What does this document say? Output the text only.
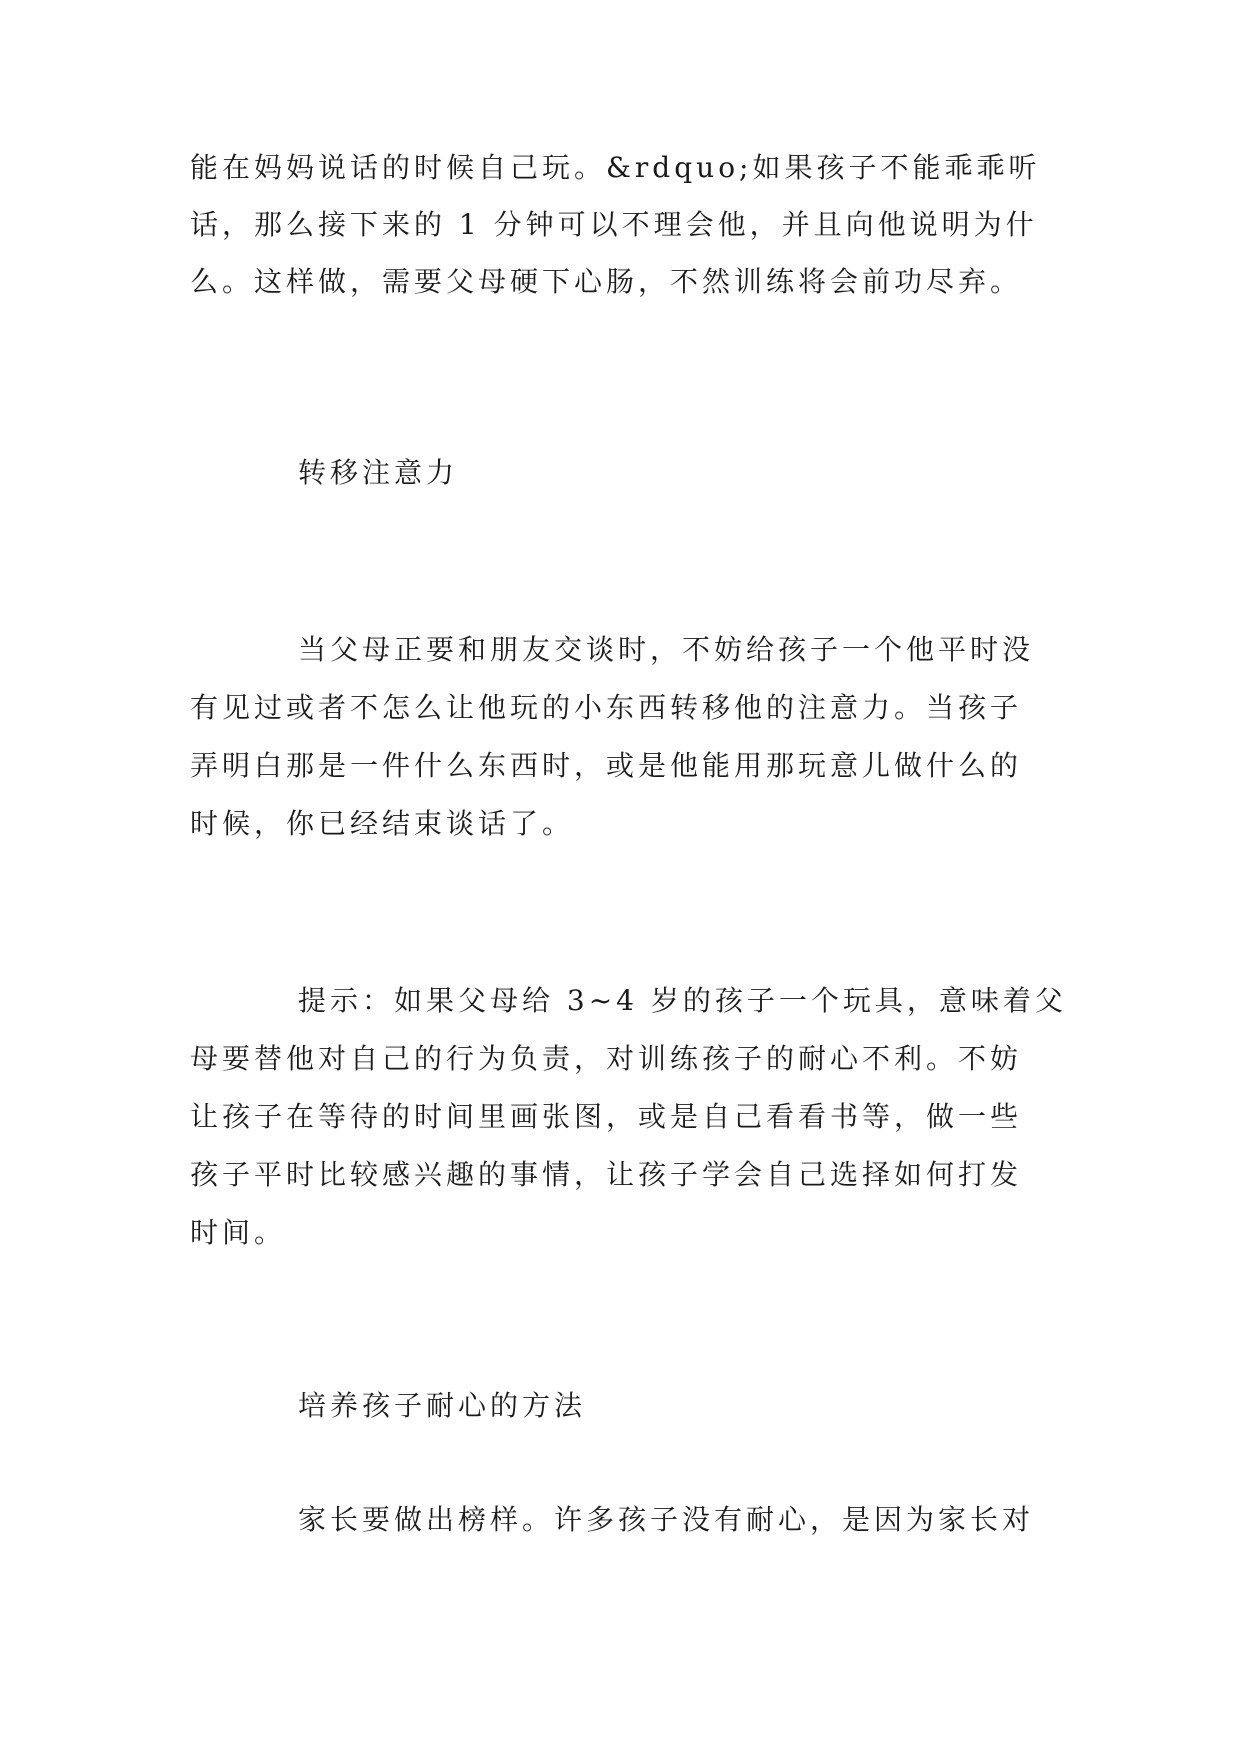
能在妈妈说话的时候自己玩。&rdquo;如果孩子不能乖乖听
话，那么接下来的 1 分钟可以不理会他，并且向他说明为什
么。这样做，需要父母硬下心肠，不然训练将会前功尽弃。
转移注意力
当父母正要和朋友交谈时，不妨给孩子一个他平时没
有见过或者不怎么让他玩的小东西转移他的注意力。当孩子
弄明白那是一件什么东西时，或是他能用那玩意儿做什么的
时候，你已经结束谈话了。
提示：如果父母给 3~4 岁的孩子一个玩具，意味着父
母要替他对自己的行为负责，对训练孩子的耐心不利。不妨
让孩子在等待的时间里画张图，或是自己看看书等，做一些
孩子平时比较感兴趣的事情，让孩子学会自己选择如何打发
时间。
培养孩子耐心的方法
家长要做出榜样。许多孩子没有耐心，是因为家长对
